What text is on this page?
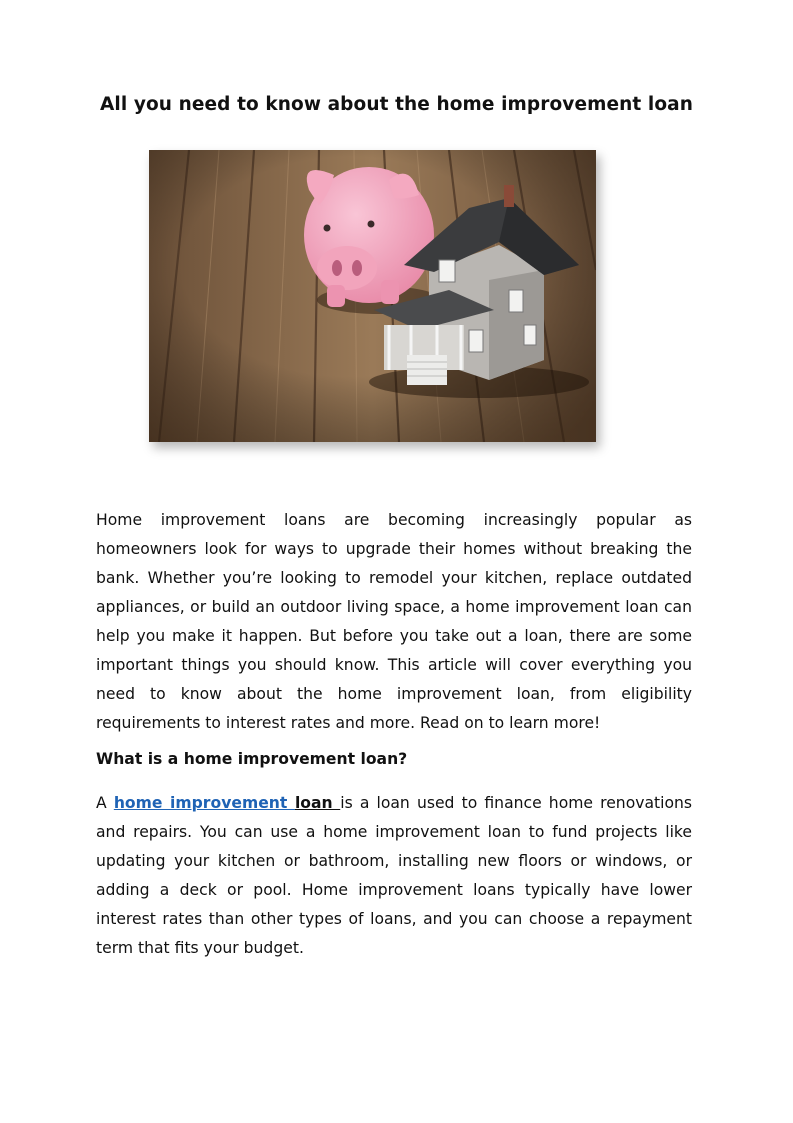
All you need to know about the home improvement loan

Home improvement loans are becoming increasingly popular as homeowners look for ways to upgrade their homes without breaking the bank. Whether you’re looking to remodel your kitchen, replace outdated appliances, or build an outdoor living space, a home improvement loan can help you make it happen. But before you take out a loan, there are some important things you should know. This article will cover everything you need to know about the home improvement loan, from eligibility requirements to interest rates and more. Read on to learn more!

What is a home improvement loan?

A home improvement loan is a loan used to finance home renovations and repairs. You can use a home improvement loan to fund projects like updating your kitchen or bathroom, installing new floors or windows, or adding a deck or pool. Home improvement loans typically have lower interest rates than other types of loans, and you can choose a repayment term that fits your budget.
